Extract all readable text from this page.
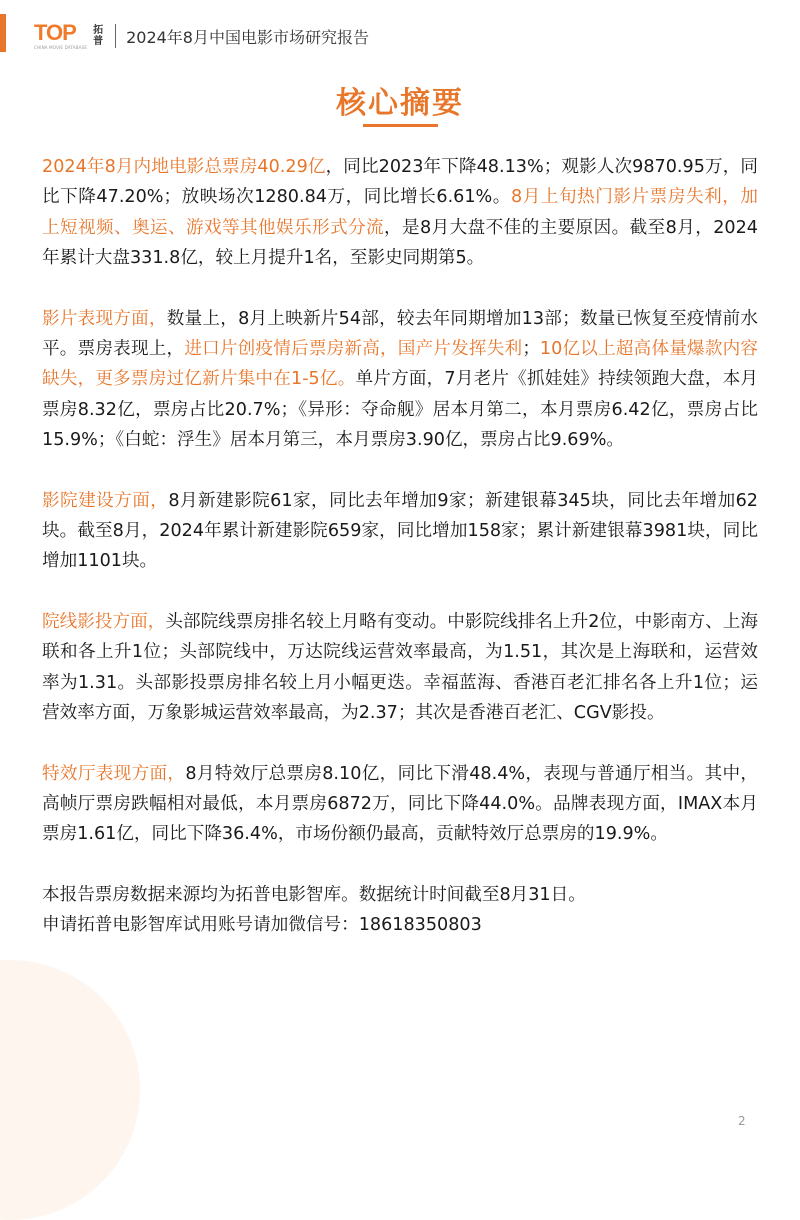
TOP
CHINA MOVIE DATABASE
拓
普 2024年8月中国电影市场研究报告
核心摘要

2024年8月内地电影总票房40.29亿，同比2023年下降48.13%；观影人次9870.95万，同比下降47.20%；放映场次1280.84万，同比增长6.61%。8月上旬热门影片票房失利，加上短视频、奥运、游戏等其他娱乐形式分流，是8月大盘不佳的主要原因。截至8月，2024年累计大盘331.8亿，较上月提升1名，至影史同期第5。

影片表现方面，数量上，8月上映新片54部，较去年同期增加13部；数量已恢复至疫情前水平。票房表现上，进口片创疫情后票房新高，国产片发挥失利；10亿以上超高体量爆款内容缺失，更多票房过亿新片集中在1-5亿。单片方面，7月老片《抓娃娃》持续领跑大盘，本月票房8.32亿，票房占比20.7%；《异形：夺命舰》居本月第二，本月票房6.42亿，票房占比15.9%；《白蛇：浮生》居本月第三，本月票房3.90亿，票房占比9.69%。

影院建设方面，8月新建影院61家，同比去年增加9家；新建银幕345块，同比去年增加62块。截至8月，2024年累计新建影院659家，同比增加158家；累计新建银幕3981块，同比增加1101块。

院线影投方面，头部院线票房排名较上月略有变动。中影院线排名上升2位，中影南方、上海联和各上升1位；头部院线中，万达院线运营效率最高，为1.51，其次是上海联和，运营效率为1.31。头部影投票房排名较上月小幅更迭。幸福蓝海、香港百老汇排名各上升1位；运营效率方面，万象影城运营效率最高，为2.37；其次是香港百老汇、CGV影投。

特效厅表现方面，8月特效厅总票房8.10亿，同比下滑48.4%，表现与普通厅相当。其中，高帧厅票房跌幅相对最低，本月票房6872万，同比下降44.0%。品牌表现方面，IMAX本月票房1.61亿，同比下降36.4%，市场份额仍最高，贡献特效厅总票房的19.9%。

本报告票房数据来源均为拓普电影智库。数据统计时间截至8月31日。

申请拓普电影智库试用账号请加微信号：18618350803

2
